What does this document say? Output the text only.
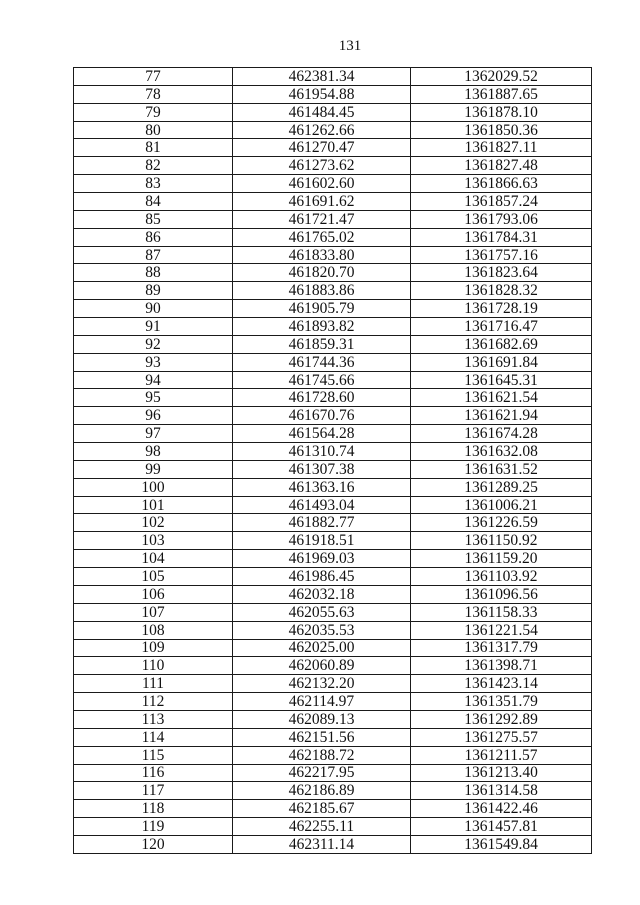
131
77	462381.34	1362029.52
78	461954.88	1361887.65
79	461484.45	1361878.10
80	461262.66	1361850.36
81	461270.47	1361827.11
82	461273.62	1361827.48
83	461602.60	1361866.63
84	461691.62	1361857.24
85	461721.47	1361793.06
86	461765.02	1361784.31
87	461833.80	1361757.16
88	461820.70	1361823.64
89	461883.86	1361828.32
90	461905.79	1361728.19
91	461893.82	1361716.47
92	461859.31	1361682.69
93	461744.36	1361691.84
94	461745.66	1361645.31
95	461728.60	1361621.54
96	461670.76	1361621.94
97	461564.28	1361674.28
98	461310.74	1361632.08
99	461307.38	1361631.52
100	461363.16	1361289.25
101	461493.04	1361006.21
102	461882.77	1361226.59
103	461918.51	1361150.92
104	461969.03	1361159.20
105	461986.45	1361103.92
106	462032.18	1361096.56
107	462055.63	1361158.33
108	462035.53	1361221.54
109	462025.00	1361317.79
110	462060.89	1361398.71
111	462132.20	1361423.14
112	462114.97	1361351.79
113	462089.13	1361292.89
114	462151.56	1361275.57
115	462188.72	1361211.57
116	462217.95	1361213.40
117	462186.89	1361314.58
118	462185.67	1361422.46
119	462255.11	1361457.81
120	462311.14	1361549.84
